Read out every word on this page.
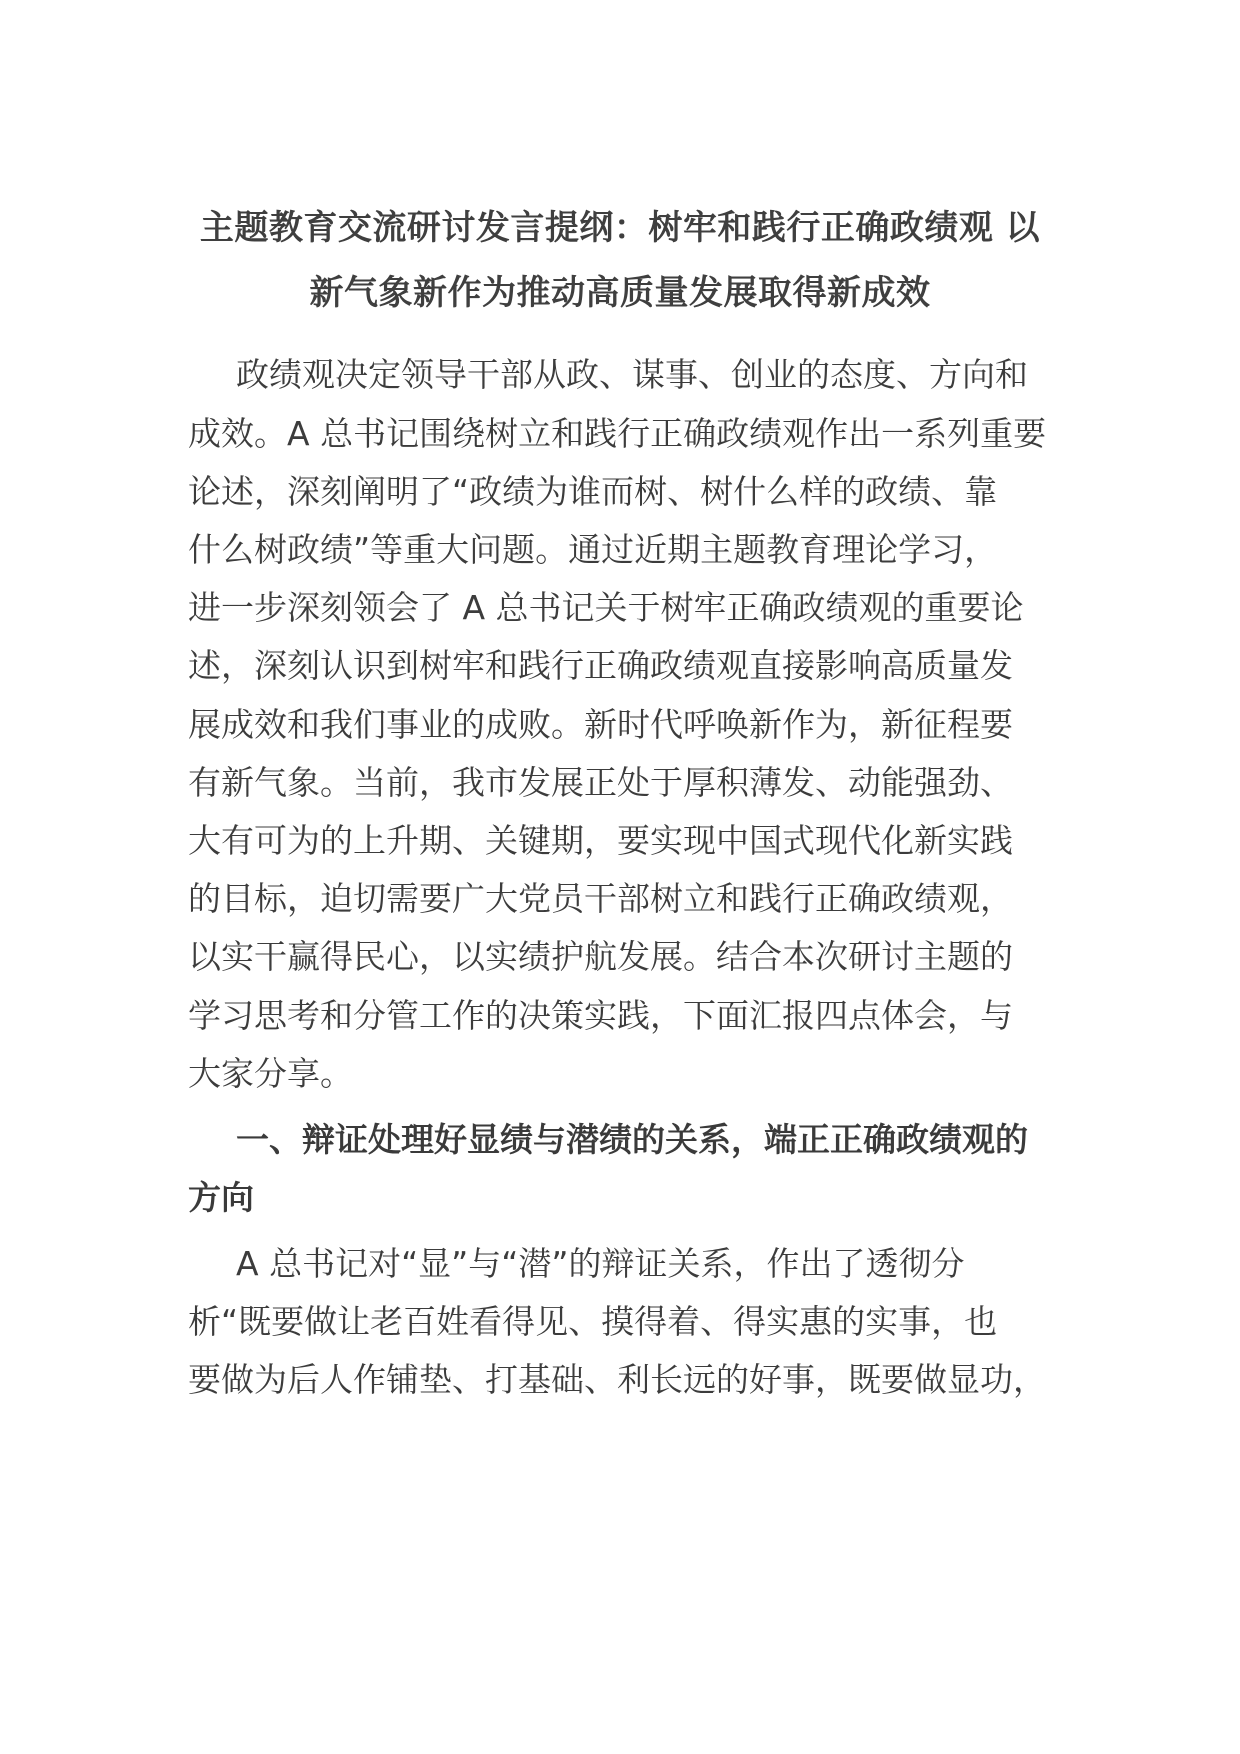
主题教育交流研讨发言提纲：树牢和践行正确政绩观 以新气象新作为推动高质量发展取得新成效
政绩观决定领导干部从政、谋事、创业的态度、方向和
成效。A 总书记围绕树立和践行正确政绩观作出一系列重要
论述，深刻阐明了“政绩为谁而树、树什么样的政绩、靠
什么树政绩”等重大问题。通过近期主题教育理论学习，
进一步深刻领会了 A 总书记关于树牢正确政绩观的重要论
述，深刻认识到树牢和践行正确政绩观直接影响高质量发
展成效和我们事业的成败。新时代呼唤新作为，新征程要
有新气象。当前，我市发展正处于厚积薄发、动能强劲、
大有可为的上升期、关键期，要实现中国式现代化新实践
的目标，迫切需要广大党员干部树立和践行正确政绩观，
以实干赢得民心，以实绩护航发展。结合本次研讨主题的
学习思考和分管工作的决策实践，下面汇报四点体会，与
大家分享。
一、辩证处理好显绩与潜绩的关系，端正正确政绩观的
方向
A 总书记对“显”与“潜”的辩证关系，作出了透彻分
析“既要做让老百姓看得见、摸得着、得实惠的实事，也
要做为后人作铺垫、打基础、利长远的好事，既要做显功，
